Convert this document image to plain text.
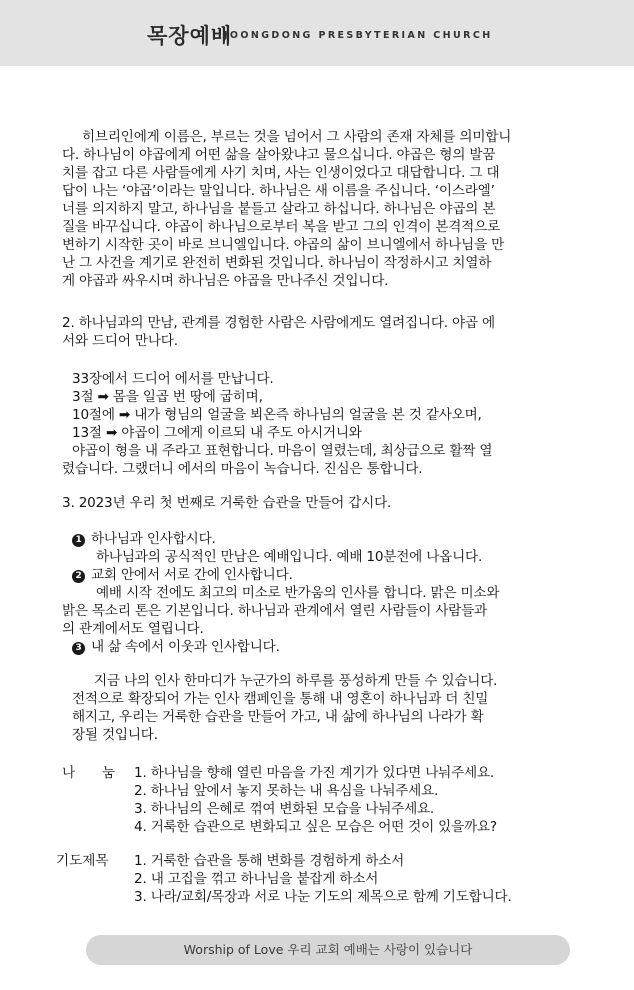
목장예배
JOONGDONG PRESBYTERIAN CHURCH
히브리인에게 이름은, 부르는 것을 넘어서 그 사람의 존재 자체를 의미합니
다. 하나님이 야곱에게 어떤 삶을 살아왔냐고 물으십니다. 야곱은 형의 발꿈
치를 잡고 다른 사람들에게 사기 치며, 사는 인생이었다고 대답합니다. 그 대
답이 나는 ‘야곱’이라는 말입니다. 하나님은 새 이름을 주십니다. ‘이스라엘’
너를 의지하지 말고, 하나님을 붙들고 살라고 하십니다. 하나님은 야곱의 본
질을 바꾸십니다. 야곱이 하나님으로부터 복을 받고 그의 인격이 본격적으로
변하기 시작한 곳이 바로 브니엘입니다. 야곱의 삶이 브니엘에서 하나님을 만
난 그 사건을 계기로 완전히 변화된 것입니다. 하나님이 작정하시고 치열하
게 야곱과 싸우시며 하나님은 야곱을 만나주신 것입니다.
2. 하나님과의 만남, 관계를 경험한 사람은 사람에게도 열려집니다. 야곱 에
서와 드디어 만나다.
33장에서 드디어 에서를 만납니다.
3절 ➡ 몸을 일곱 번 땅에 굽히며,
10절에 ➡ 내가 형님의 얼굴을 뵈온즉 하나님의 얼굴을 본 것 같사오며,
13절 ➡ 야곱이 그에게 이르되 내 주도 아시거니와
야곱이 형을 내 주라고 표현합니다. 마음이 열렸는데, 최상급으로 활짝 열
렸습니다. 그랬더니 에서의 마음이 녹습니다. 진심은 통합니다.
3. 2023년 우리 첫 번째로 거룩한 습관을 만들어 갑시다.
1 하나님과 인사합시다.
하나님과의 공식적인 만남은 예배입니다. 예배 10분전에 나옵니다.
2 교회 안에서 서로 간에 인사합니다.
예배 시작 전에도 최고의 미소로 반가움의 인사를 합니다. 맑은 미소와
밝은 목소리 톤은 기본입니다. 하나님과 관계에서 열린 사람들이 사람들과
의 관계에서도 열립니다.
3 내 삶 속에서 이웃과 인사합니다.
지금 나의 인사 한마디가 누군가의 하루를 풍성하게 만들 수 있습니다.
전적으로 확장되어 가는 인사 캠페인을 통해 내 영혼이 하나님과 더 친밀
해지고, 우리는 거룩한 습관을 만들어 가고, 내 삶에 하나님의 나라가 확
장될 것입니다.
나 눔 1. 하나님을 향해 열린 마음을 가진 계기가 있다면 나눠주세요.
2. 하나님 앞에서 놓지 못하는 내 욕심을 나눠주세요.
3. 하나님의 은혜로 꺾여 변화된 모습을 나눠주세요.
4. 거룩한 습관으로 변화되고 싶은 모습은 어떤 것이 있을까요?
기도제목 1. 거룩한 습관을 통해 변화를 경험하게 하소서
2. 내 고집을 꺾고 하나님을 붙잡게 하소서
3. 나라/교회/목장과 서로 나눈 기도의 제목으로 함께 기도합니다.
Worship of Love 우리 교회 예배는 사랑이 있습니다
